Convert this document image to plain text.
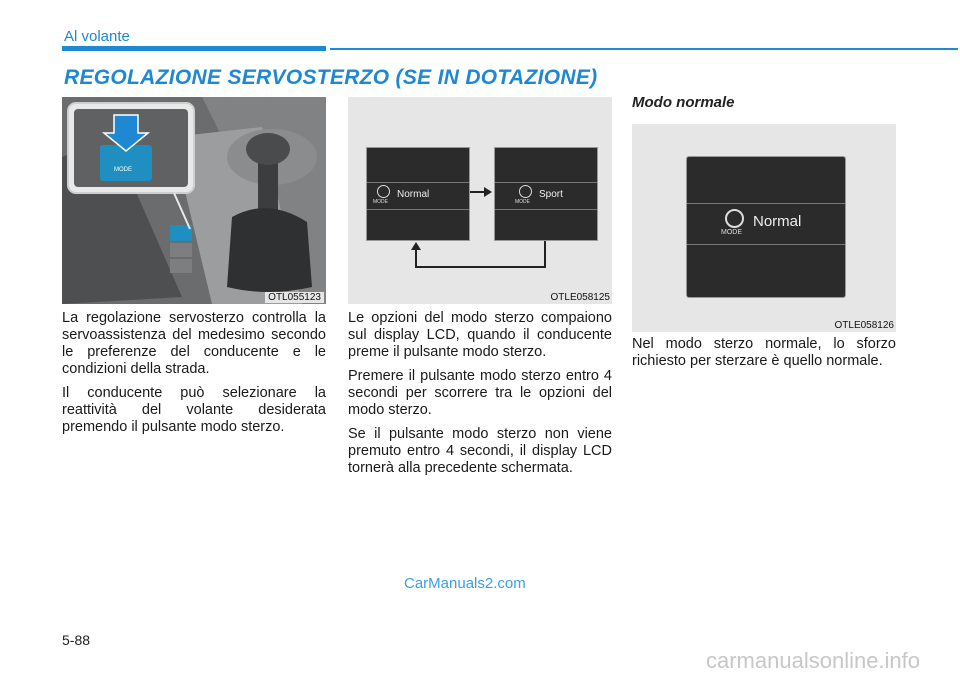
Al volante
REGOLAZIONE SERVOSTERZO (SE IN DOTAZIONE)
MODE
OTL055123
MODE
Normal
MODE
Sport
OTLE058125
Modo normale
MODE
Normal
OTLE058126

La regolazione servosterzo controlla la servoassistenza del medesimo secondo le preferenze del conducente e le condizioni della strada.

Il conducente può selezionare la reattività del volante desiderata premendo il pulsante modo sterzo.

Le opzioni del modo sterzo compaiono sul display LCD, quando il conducente preme il pulsante modo sterzo.

Premere il pulsante modo sterzo entro 4 secondi per scorrere tra le opzioni del modo sterzo.

Se il pulsante modo sterzo non viene premuto entro 4 secondi, il display LCD tornerà alla precedente schermata.

Nel modo sterzo normale, lo sforzo richiesto per sterzare è quello normale.

CarManuals2.com
5-88
carmanualsonline.info
